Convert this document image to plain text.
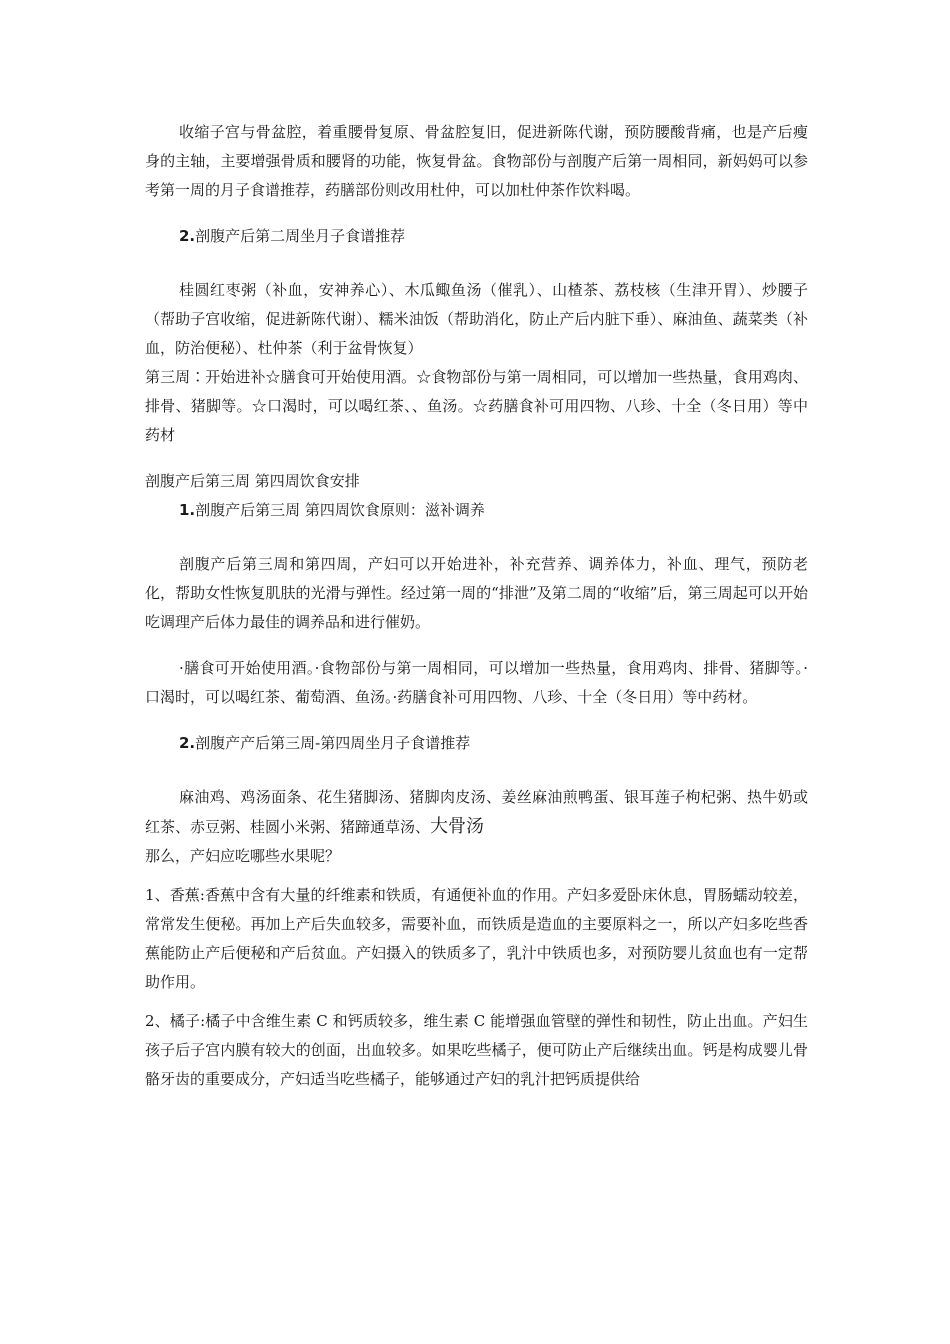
收缩子宫与骨盆腔，着重腰骨复原、骨盆腔复旧，促进新陈代谢，预防腰酸背痛，也是产后瘦身的主轴，主要增强骨质和腰肾的功能，恢复骨盆。食物部份与剖腹产后第一周相同，新妈妈可以参考第一周的月子食谱推荐，药膳部份则改用杜仲，可以加杜仲茶作饮料喝。

2.剖腹产后第二周坐月子食谱推荐

桂圆红枣粥（补血，安神养心）、木瓜鲰鱼汤（催乳）、山楂茶、荔枝核（生津开胃）、炒腰子（帮助子宫收缩，促进新陈代谢）、糯米油饭（帮助消化，防止产后内脏下垂）、麻油鱼、蔬菜类（补血，防治便秘）、杜仲茶（利于盆骨恢复）

第三周∶开始进补☆膳食可开始使用酒。☆食物部份与第一周相同，可以增加一些热量，食用鸡肉、排骨、猪脚等。☆口渴时，可以喝红茶、、鱼汤。☆药膳食补可用四物、八珍、十全（冬日用）等中药材

剖腹产后第三周 第四周饮食安排

1.剖腹产后第三周 第四周饮食原则：滋补调养

剖腹产后第三周和第四周，产妇可以开始进补，补充营养、调养体力，补血、理气，预防老化，帮助女性恢复肌肤的光滑与弹性。经过第一周的“排泄”及第二周的“收缩”后，第三周起可以开始吃调理产后体力最佳的调养品和进行催奶。

·膳食可开始使用酒。·食物部份与第一周相同，可以增加一些热量，食用鸡肉、排骨、猪脚等。·口渴时，可以喝红茶、葡萄酒、鱼汤。·药膳食补可用四物、八珍、十全（冬日用）等中药材。

2.剖腹产产后第三周-第四周坐月子食谱推荐

麻油鸡、鸡汤面条、花生猪脚汤、猪脚肉皮汤、姜丝麻油煎鸭蛋、银耳莲子枸杞粥、热牛奶或红茶、赤豆粥、桂圆小米粥、猪蹄通草汤、大骨汤

那么，产妇应吃哪些水果呢？

1、香蕉:香蕉中含有大量的纤维素和铁质，有通便补血的作用。产妇多爱卧床休息，胃肠蠕动较差，常常发生便秘。再加上产后失血较多，需要补血，而铁质是造血的主要原料之一，所以产妇多吃些香蕉能防止产后便秘和产后贫血。产妇摄入的铁质多了，乳汁中铁质也多，对预防婴儿贫血也有一定帮助作用。

2、橘子:橘子中含维生素 C 和钙质较多，维生素 C 能增强血管壁的弹性和韧性，防止出血。产妇生孩子后子宫内膜有较大的创面，出血较多。如果吃些橘子，便可防止产后继续出血。钙是构成婴儿骨骼牙齿的重要成分，产妇适当吃些橘子，能够通过产妇的乳汁把钙质提供给
